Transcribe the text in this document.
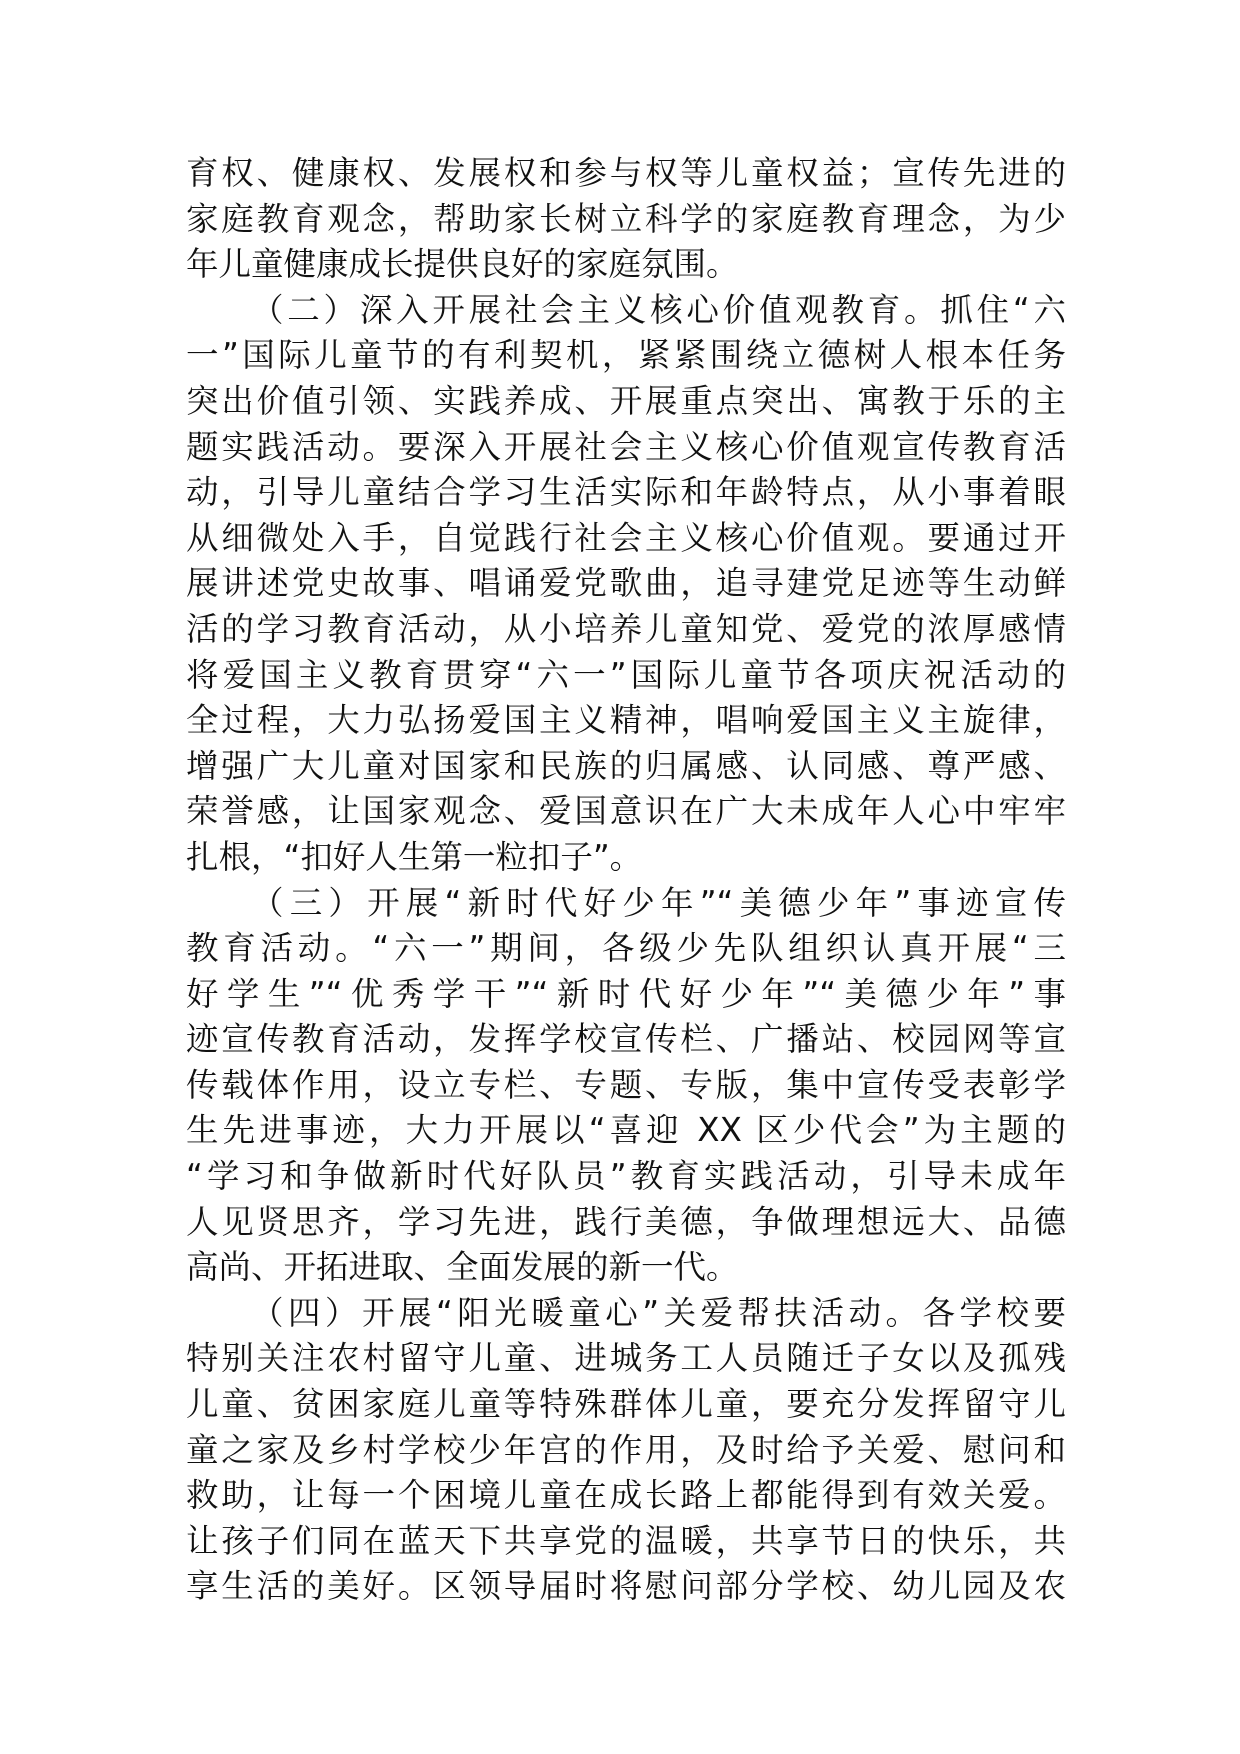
育权、健康权、发展权和参与权等儿童权益；宣传先进的
家庭教育观念，帮助家长树立科学的家庭教育理念，为少
年儿童健康成长提供良好的家庭氛围。
（二）深入开展社会主义核心价值观教育。抓住“六
一”国际儿童节的有利契机，紧紧围绕立德树人根本任务
突出价值引领、实践养成、开展重点突出、寓教于乐的主
题实践活动。要深入开展社会主义核心价值观宣传教育活
动，引导儿童结合学习生活实际和年龄特点，从小事着眼
从细微处入手，自觉践行社会主义核心价值观。要通过开
展讲述党史故事、唱诵爱党歌曲，追寻建党足迹等生动鲜
活的学习教育活动，从小培养儿童知党、爱党的浓厚感情
将爱国主义教育贯穿“六一”国际儿童节各项庆祝活动的
全过程，大力弘扬爱国主义精神，唱响爱国主义主旋律，
增强广大儿童对国家和民族的归属感、认同感、尊严感、
荣誉感，让国家观念、爱国意识在广大未成年人心中牢牢
扎根，“扣好人生第一粒扣子”。
（三）开展“新时代好少年”“美德少年”事迹宣传
教育活动。“六一”期间，各级少先队组织认真开展“三
好学生”“优秀学干”“新时代好少年”“美德少年”事
迹宣传教育活动，发挥学校宣传栏、广播站、校园网等宣
传载体作用，设立专栏、专题、专版，集中宣传受表彰学
生先进事迹，大力开展以“喜迎 XX 区少代会”为主题的
“学习和争做新时代好队员”教育实践活动，引导未成年
人见贤思齐，学习先进，践行美德，争做理想远大、品德
高尚、开拓进取、全面发展的新一代。
（四）开展“阳光暖童心”关爱帮扶活动。各学校要
特别关注农村留守儿童、进城务工人员随迁子女以及孤残
儿童、贫困家庭儿童等特殊群体儿童，要充分发挥留守儿
童之家及乡村学校少年宫的作用，及时给予关爱、慰问和
救助，让每一个困境儿童在成长路上都能得到有效关爱。
让孩子们同在蓝天下共享党的温暖，共享节日的快乐，共
享生活的美好。区领导届时将慰问部分学校、幼儿园及农
